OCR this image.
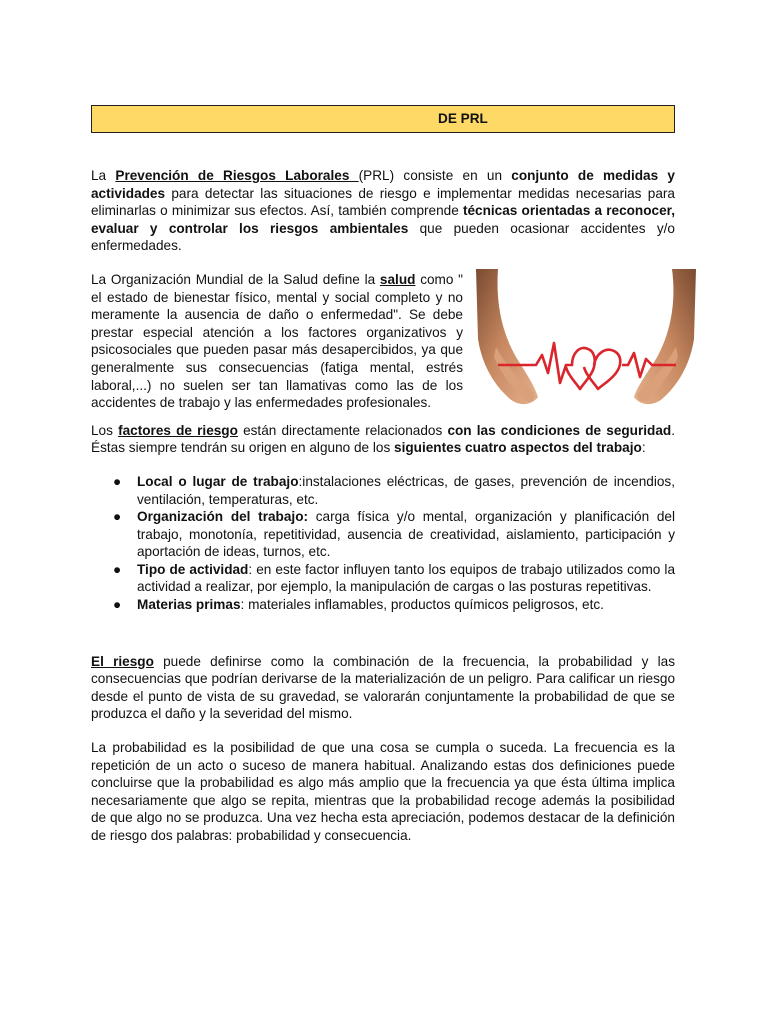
DE PRL

La Prevención de Riesgos Laborales (PRL) consiste en un conjunto de medidas y actividades para detectar las situaciones de riesgo e implementar medidas necesarias para eliminarlas o minimizar sus efectos. Así, también comprende técnicas orientadas a reconocer, evaluar y controlar los riesgos ambientales que pueden ocasionar accidentes y/o enfermedades.

La Organización Mundial de la Salud define la salud como " el estado de bienestar físico, mental y social completo y no meramente la ausencia de daño o enfermedad". Se debe prestar especial atención a los factores organizativos y psicosociales que pueden pasar más desapercibidos, ya que generalmente sus consecuencias (fatiga mental, estrés laboral,...) no suelen ser tan llamativas como las de los accidentes de trabajo y las enfermedades profesionales.

Los factores de riesgo están directamente relacionados con las condiciones de seguridad. Éstas siempre tendrán su origen en alguno de los siguientes cuatro aspectos del trabajo:

● Local o lugar de trabajo:instalaciones eléctricas, de gases, prevención de incendios, ventilación, temperaturas, etc.
● Organización del trabajo: carga física y/o mental, organización y planificación del trabajo, monotonía, repetitividad, ausencia de creatividad, aislamiento, participación y aportación de ideas, turnos, etc.
● Tipo de actividad: en este factor influyen tanto los equipos de trabajo utilizados como la actividad a realizar, por ejemplo, la manipulación de cargas o las posturas repetitivas.
● Materias primas: materiales inflamables, productos químicos peligrosos, etc.

El riesgo puede definirse como la combinación de la frecuencia, la probabilidad y las consecuencias que podrían derivarse de la materialización de un peligro. Para calificar un riesgo desde el punto de vista de su gravedad, se valorarán conjuntamente la probabilidad de que se produzca el daño y la severidad del mismo.

La probabilidad es la posibilidad de que una cosa se cumpla o suceda. La frecuencia es la repetición de un acto o suceso de manera habitual. Analizando estas dos definiciones puede concluirse que la probabilidad es algo más amplio que la frecuencia ya que ésta última implica necesariamente que algo se repita, mientras que la probabilidad recoge además la posibilidad de que algo no se produzca. Una vez hecha esta apreciación, podemos destacar de la definición de riesgo dos palabras: probabilidad y consecuencia.
